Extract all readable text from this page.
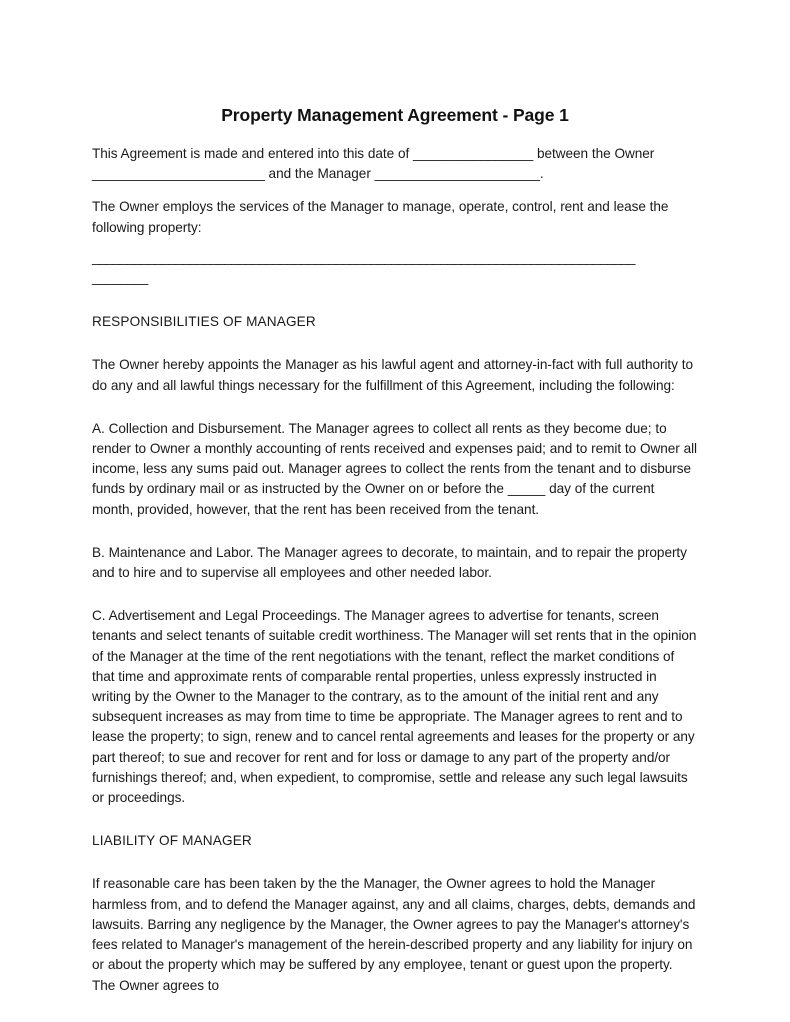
Property Management Agreement - Page 1

This Agreement is made and entered into this date of ________________ between the Owner _______________________ and the Manager ______________________.

The Owner employs the services of the Manager to manage, operate, control, rent and lease the following property:

______________________________________________________________________________

________

RESPONSIBILITIES OF MANAGER

The Owner hereby appoints the Manager as his lawful agent and attorney-in-fact with full authority to do any and all lawful things necessary for the fulfillment of this Agreement, including the following:

A. Collection and Disbursement. The Manager agrees to collect all rents as they become due; to render to Owner a monthly accounting of rents received and expenses paid; and to remit to Owner all income, less any sums paid out. Manager agrees to collect the rents from the tenant and to disburse funds by ordinary mail or as instructed by the Owner on or before the _____ day of the current month, provided, however, that the rent has been received from the tenant.

B. Maintenance and Labor. The Manager agrees to decorate, to maintain, and to repair the property and to hire and to supervise all employees and other needed labor.

C. Advertisement and Legal Proceedings. The Manager agrees to advertise for tenants, screen tenants and select tenants of suitable credit worthiness. The Manager will set rents that in the opinion of the Manager at the time of the rent negotiations with the tenant, reflect the market conditions of that time and approximate rents of comparable rental properties, unless expressly instructed in writing by the Owner to the Manager to the contrary, as to the amount of the initial rent and any subsequent increases as may from time to time be appropriate. The Manager agrees to rent and to lease the property; to sign, renew and to cancel rental agreements and leases for the property or any part thereof; to sue and recover for rent and for loss or damage to any part of the property and/or furnishings thereof; and, when expedient, to compromise, settle and release any such legal lawsuits or proceedings.

LIABILITY OF MANAGER

If reasonable care has been taken by the the Manager, the Owner agrees to hold the Manager harmless from, and to defend the Manager against, any and all claims, charges, debts, demands and lawsuits. Barring any negligence by the Manager, the Owner agrees to pay the Manager's attorney's fees related to Manager's management of the herein-described property and any liability for injury on or about the property which may be suffered by any employee, tenant or guest upon the property. The Owner agrees to
